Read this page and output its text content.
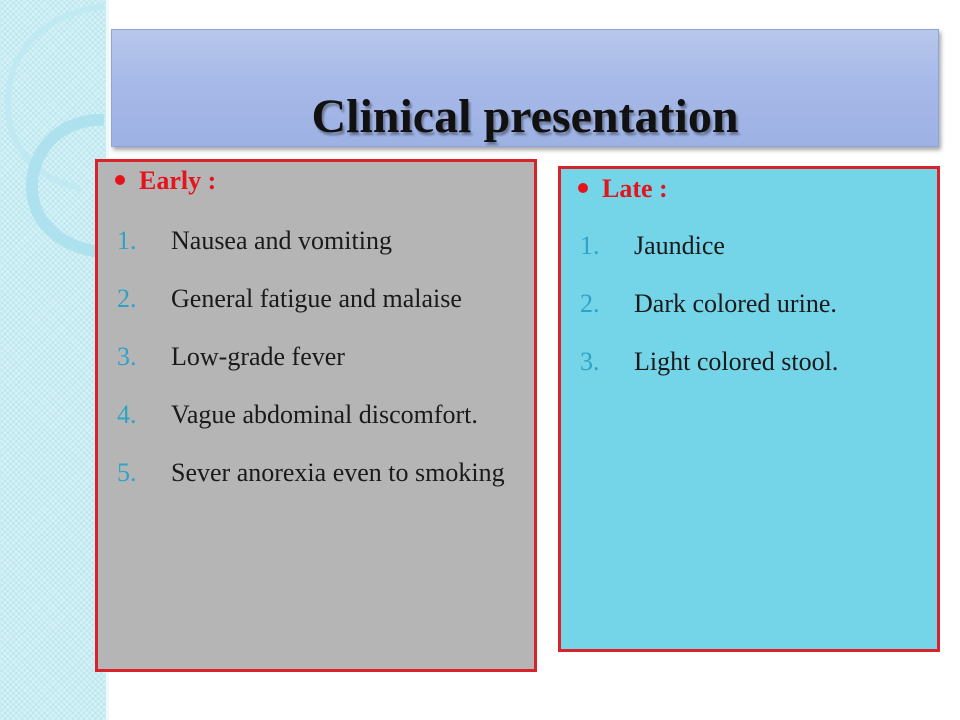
Clinical presentation
Early :
1. Nausea and vomiting
2. General fatigue and malaise
3. Low-grade fever
4. Vague abdominal discomfort.
5. Sever anorexia even to smoking
Late :
1. Jaundice
2. Dark colored urine.
3. Light colored stool.
